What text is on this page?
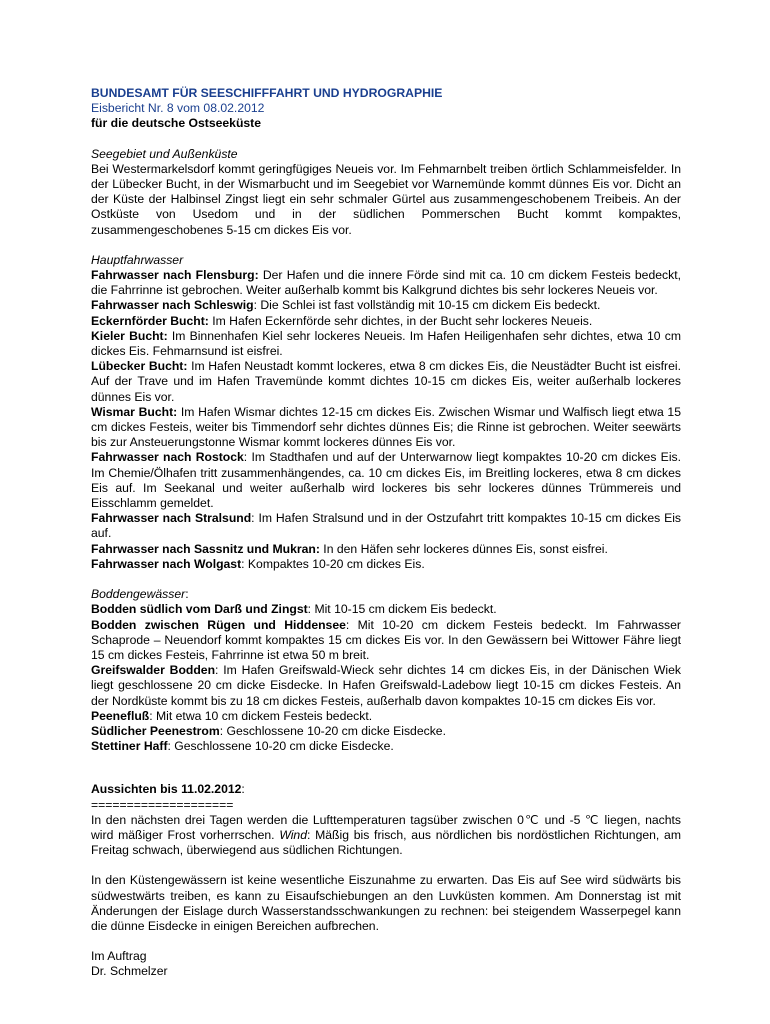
BUNDESAMT FÜR SEESCHIFFFAHRT UND HYDROGRAPHIE
Eisbericht Nr. 8 vom 08.02.2012
für die deutsche Ostseeküste
Seegebiet und Außenküste

Bei Westermarkelsdorf kommt geringfügiges Neueis vor. Im Fehmarnbelt treiben örtlich Schlammeisfelder. In der Lübecker Bucht, in der Wismarbucht und im Seegebiet vor Warnemünde kommt dünnes Eis vor. Dicht an der Küste der Halbinsel Zingst liegt ein sehr schmaler Gürtel aus zusammengeschobenem Treibeis. An der Ostküste von Usedom und in der südlichen Pommerschen Bucht kommt kompaktes, zusammengeschobenes 5-15 cm dickes Eis vor.

Hauptfahrwasser

Fahrwasser nach Flensburg: Der Hafen und die innere Förde sind mit ca. 10 cm dickem Festeis bedeckt, die Fahrrinne ist gebrochen. Weiter außerhalb kommt bis Kalkgrund dichtes bis sehr lockeres Neueis vor.

Fahrwasser nach Schleswig: Die Schlei ist fast vollständig mit 10-15 cm dickem Eis bedeckt.

Eckernförder Bucht: Im Hafen Eckernförde sehr dichtes, in der Bucht sehr lockeres Neueis.

Kieler Bucht: Im Binnenhafen Kiel sehr lockeres Neueis. Im Hafen Heiligenhafen sehr dichtes, etwa 10 cm dickes Eis. Fehmarnsund ist eisfrei.

Lübecker Bucht: Im Hafen Neustadt kommt lockeres, etwa 8 cm dickes Eis, die Neustädter Bucht ist eisfrei. Auf der Trave und im Hafen Travemünde kommt dichtes 10-15 cm dickes Eis, weiter außerhalb lockeres dünnes Eis vor.

Wismar Bucht: Im Hafen Wismar dichtes 12-15 cm dickes Eis. Zwischen Wismar und Walfisch liegt etwa 15 cm dickes Festeis, weiter bis Timmendorf sehr dichtes dünnes Eis; die Rinne ist gebrochen. Weiter seewärts bis zur Ansteuerungstonne Wismar kommt lockeres dünnes Eis vor.

Fahrwasser nach Rostock: Im Stadthafen und auf der Unterwarnow liegt kompaktes 10-20 cm dickes Eis. Im Chemie/Ölhafen tritt zusammenhängendes, ca. 10 cm dickes Eis, im Breitling lockeres, etwa 8 cm dickes Eis auf. Im Seekanal und weiter außerhalb wird lockeres bis sehr lockeres dünnes Trümmereis und Eisschlamm gemeldet.

Fahrwasser nach Stralsund: Im Hafen Stralsund und in der Ostzufahrt tritt kompaktes 10-15 cm dickes Eis auf.

Fahrwasser nach Sassnitz und Mukran: In den Häfen sehr lockeres dünnes Eis, sonst eisfrei.

Fahrwasser nach Wolgast: Kompaktes 10-20 cm dickes Eis.

Boddengewässer:

Bodden südlich vom Darß und Zingst: Mit 10-15 cm dickem Eis bedeckt.

Bodden zwischen Rügen und Hiddensee: Mit 10-20 cm dickem Festeis bedeckt. Im Fahrwasser Schaprode – Neuendorf kommt kompaktes 15 cm dickes Eis vor. In den Gewässern bei Wittower Fähre liegt 15 cm dickes Festeis, Fahrrinne ist etwa 50 m breit.

Greifswalder Bodden: Im Hafen Greifswald-Wieck sehr dichtes 14 cm dickes Eis, in der Dänischen Wiek liegt geschlossene 20 cm dicke Eisdecke. In Hafen Greifswald-Ladebow liegt 10-15 cm dickes Festeis. An der Nordküste kommt bis zu 18 cm dickes Festeis, außerhalb davon kompaktes 10-15 cm dickes Eis vor.

Peenefluß: Mit etwa 10 cm dickem Festeis bedeckt.

Südlicher Peenestrom: Geschlossene 10-20 cm dicke Eisdecke.

Stettiner Haff: Geschlossene 10-20 cm dicke Eisdecke.

Aussichten bis 11.02.2012:
====================

In den nächsten drei Tagen werden die Lufttemperaturen tagsüber zwischen 0℃ und -5 ℃ liegen, nachts wird mäßiger Frost vorherrschen. Wind: Mäßig bis frisch, aus nördlichen bis nordöstlichen Richtungen, am Freitag schwach, überwiegend aus südlichen Richtungen.

In den Küstengewässern ist keine wesentliche Eiszunahme zu erwarten. Das Eis auf See wird südwärts bis südwestwärts treiben, es kann zu Eisaufschiebungen an den Luvküsten kommen. Am Donnerstag ist mit Änderungen der Eislage durch Wasserstandsschwankungen zu rechnen: bei steigendem Wasserpegel kann die dünne Eisdecke in einigen Bereichen aufbrechen.

Im Auftrag
Dr. Schmelzer
